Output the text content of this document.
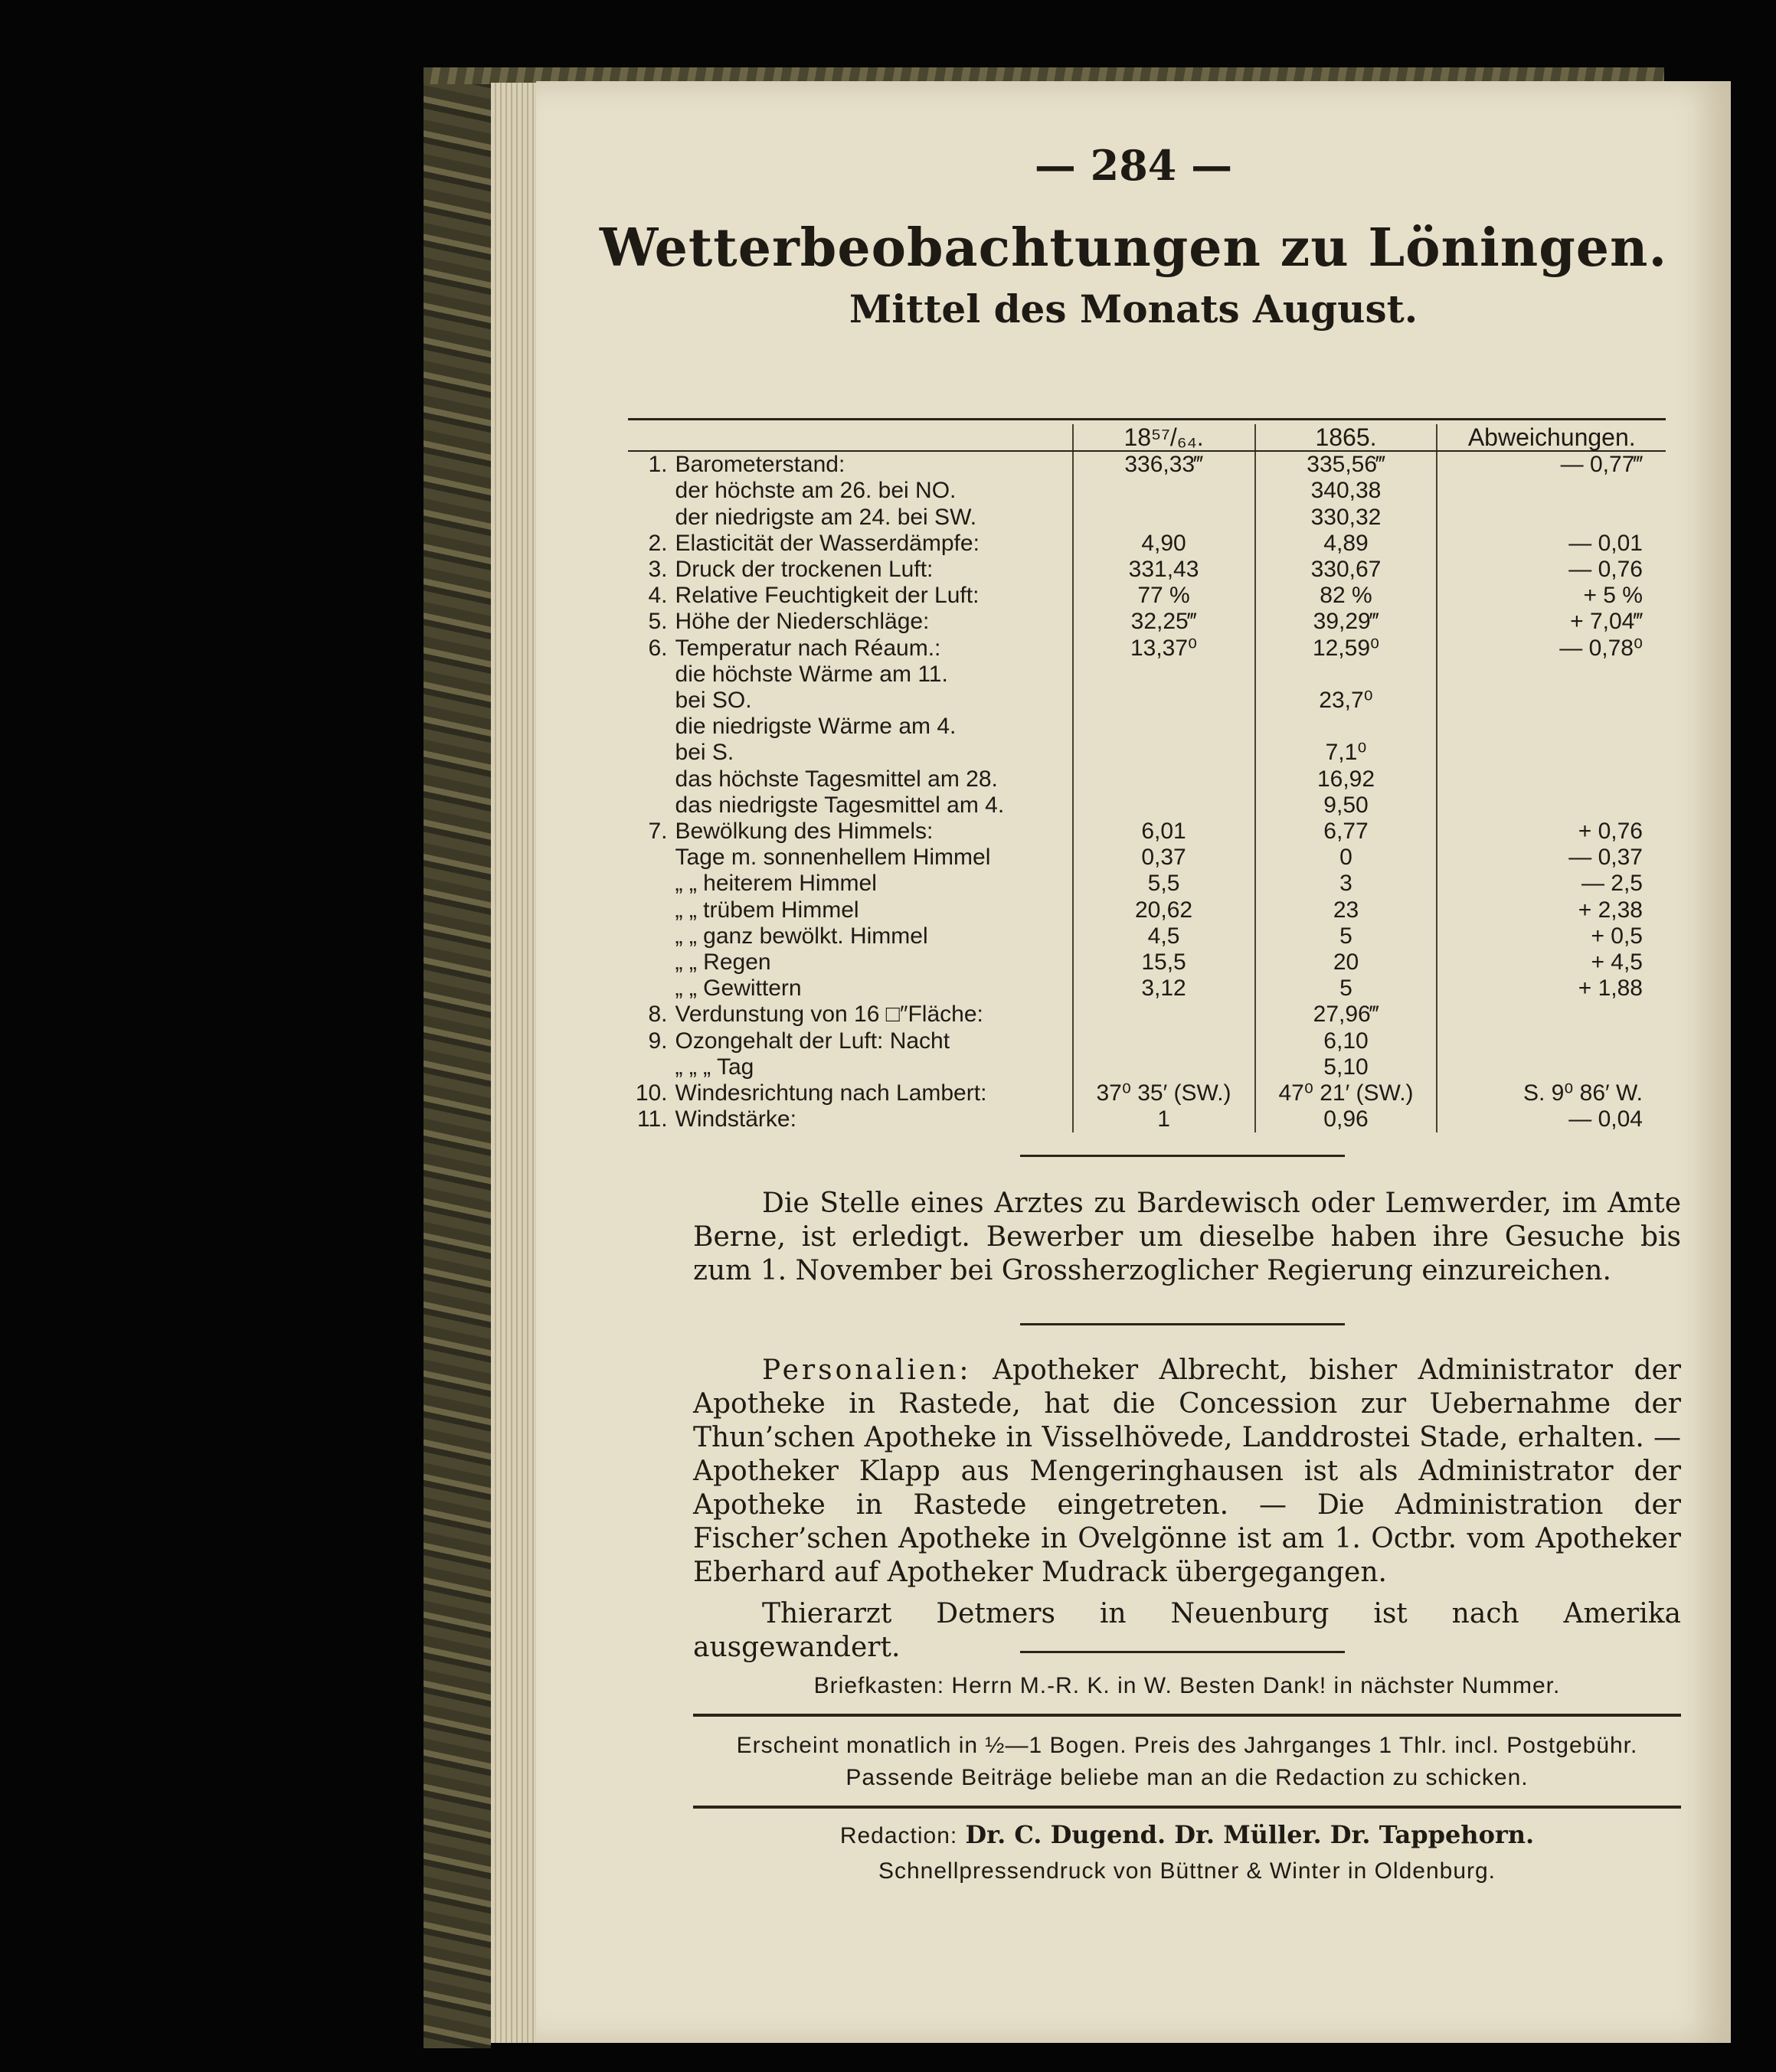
— 284 —
Wetterbeobachtungen zu Löningen.
Mittel des Monats August.
		18⁵⁷/₆₄.	1865.	Abweichungen.
1.	Barometerstand:	336,33‴	335,56‴	— 0,77‴
	der höchste am 26. bei NO.		340,38	
	der niedrigste am 24. bei SW.		330,32	
2.	Elasticität der Wasserdämpfe:	4,90	4,89	— 0,01
3.	Druck der trockenen Luft:	331,43	330,67	— 0,76
4.	Relative Feuchtigkeit der Luft:	77 %	82 %	+ 5 %
5.	Höhe der Niederschläge:	32,25‴	39,29‴	+ 7,04‴
6.	Temperatur nach Réaum.:	13,37⁰	12,59⁰	— 0,78⁰
	die höchste Wärme am 11.			
	bei SO.		23,7⁰	
	die niedrigste Wärme am 4.			
	bei S.		7,1⁰	
	das höchste Tagesmittel am 28.		16,92	
	das niedrigste Tagesmittel am 4.		9,50	
7.	Bewölkung des Himmels:	6,01	6,77	+ 0,76
	Tage m. sonnenhellem Himmel	0,37	0	— 0,37
	„ „ heiterem Himmel	5,5	3	— 2,5
	„ „ trübem Himmel	20,62	23	+ 2,38
	„ „ ganz bewölkt. Himmel	4,5	5	+ 0,5
	„ „ Regen	15,5	20	+ 4,5
	„ „ Gewittern	3,12	5	+ 1,88
8.	Verdunstung von 16 □″Fläche:		27,96‴	
9.	Ozongehalt der Luft: Nacht		6,10	
	„ „ „ Tag		5,10	
10.	Windesrichtung nach Lambert:	37⁰ 35′ (SW.)	47⁰ 21′ (SW.)	S. 9⁰ 86′ W.
11.	Windstärke:	1	0,96	— 0,04
Die Stelle eines Arztes zu Bardewisch oder Lemwerder, im Amte Berne, ist erledigt. Bewerber um dieselbe haben ihre Gesuche bis zum 1. November bei Grossherzoglicher Regierung einzureichen.
Personalien: Apotheker Albrecht, bisher Administrator der Apotheke in Rastede, hat die Concession zur Uebernahme der Thun’schen Apotheke in Visselhövede, Landdrostei Stade, erhalten. — Apotheker Klapp aus Mengeringhausen ist als Administrator der Apotheke in Rastede eingetreten. — Die Administration der Fischer’schen Apotheke in Ovelgönne ist am 1. Octbr. vom Apotheker Eberhard auf Apotheker Mudrack übergegangen.
Thierarzt Detmers in Neuenburg ist nach Amerika ausgewandert.
Briefkasten: Herrn M.-R. K. in W. Besten Dank! in nächster Nummer.
Erscheint monatlich in ½—1 Bogen. Preis des Jahrganges 1 Thlr. incl. Postgebühr.
Passende Beiträge beliebe man an die Redaction zu schicken.
Redaction: Dr. C. Dugend. Dr. Müller. Dr. Tappehorn.
Schnellpressendruck von Büttner & Winter in Oldenburg.
